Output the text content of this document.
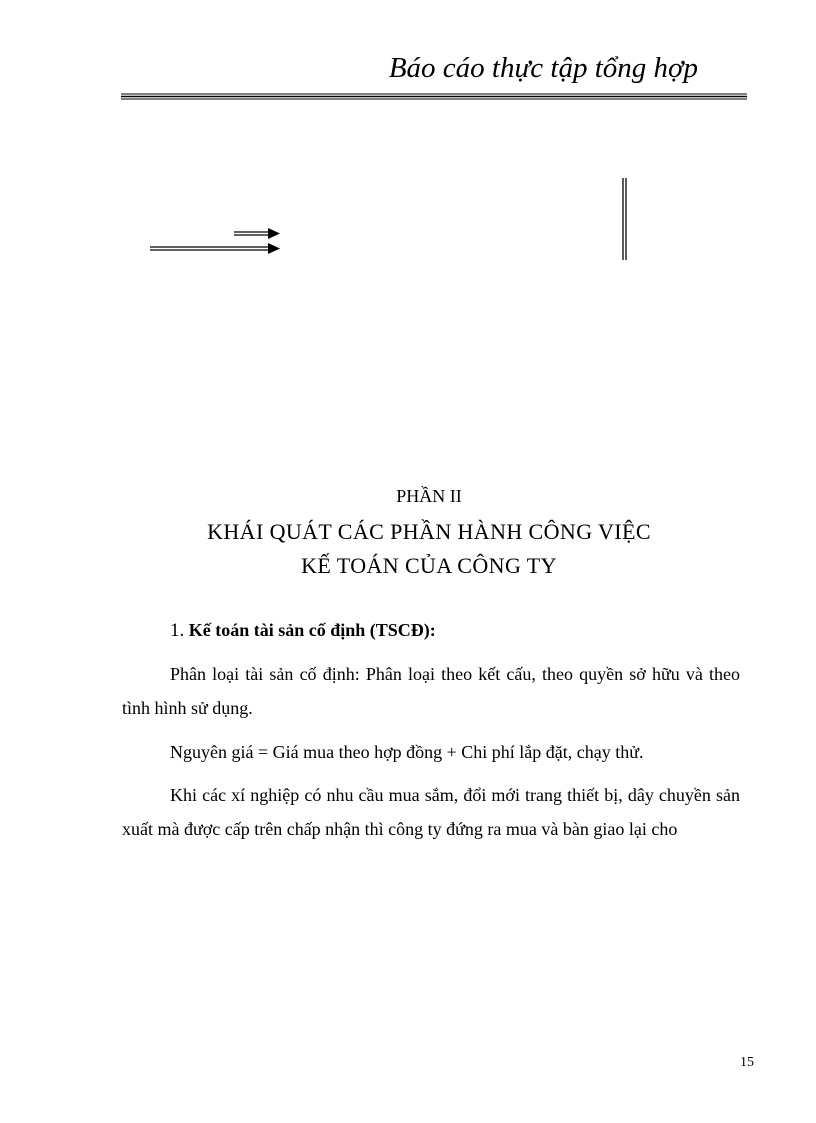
Báo cáo thực tập tổng hợp
PHẦN II
KHÁI QUÁT CÁC PHẦN HÀNH CÔNG VIỆC
KẾ TOÁN CỦA CÔNG TY
1. Kế toán tài sản cố định (TSCĐ):

Phân loại tài sản cố định: Phân loại theo kết cấu, theo quyền sở hữu và theo tình hình sử dụng.

Nguyên giá = Giá mua theo hợp đồng + Chi phí lắp đặt, chạy thử.

Khi các xí nghiệp có nhu cầu mua sắm, đổi mới trang thiết bị, dây chuyền sản xuất mà được cấp trên chấp nhận thì công ty đứng ra mua và bàn giao lại cho

15
